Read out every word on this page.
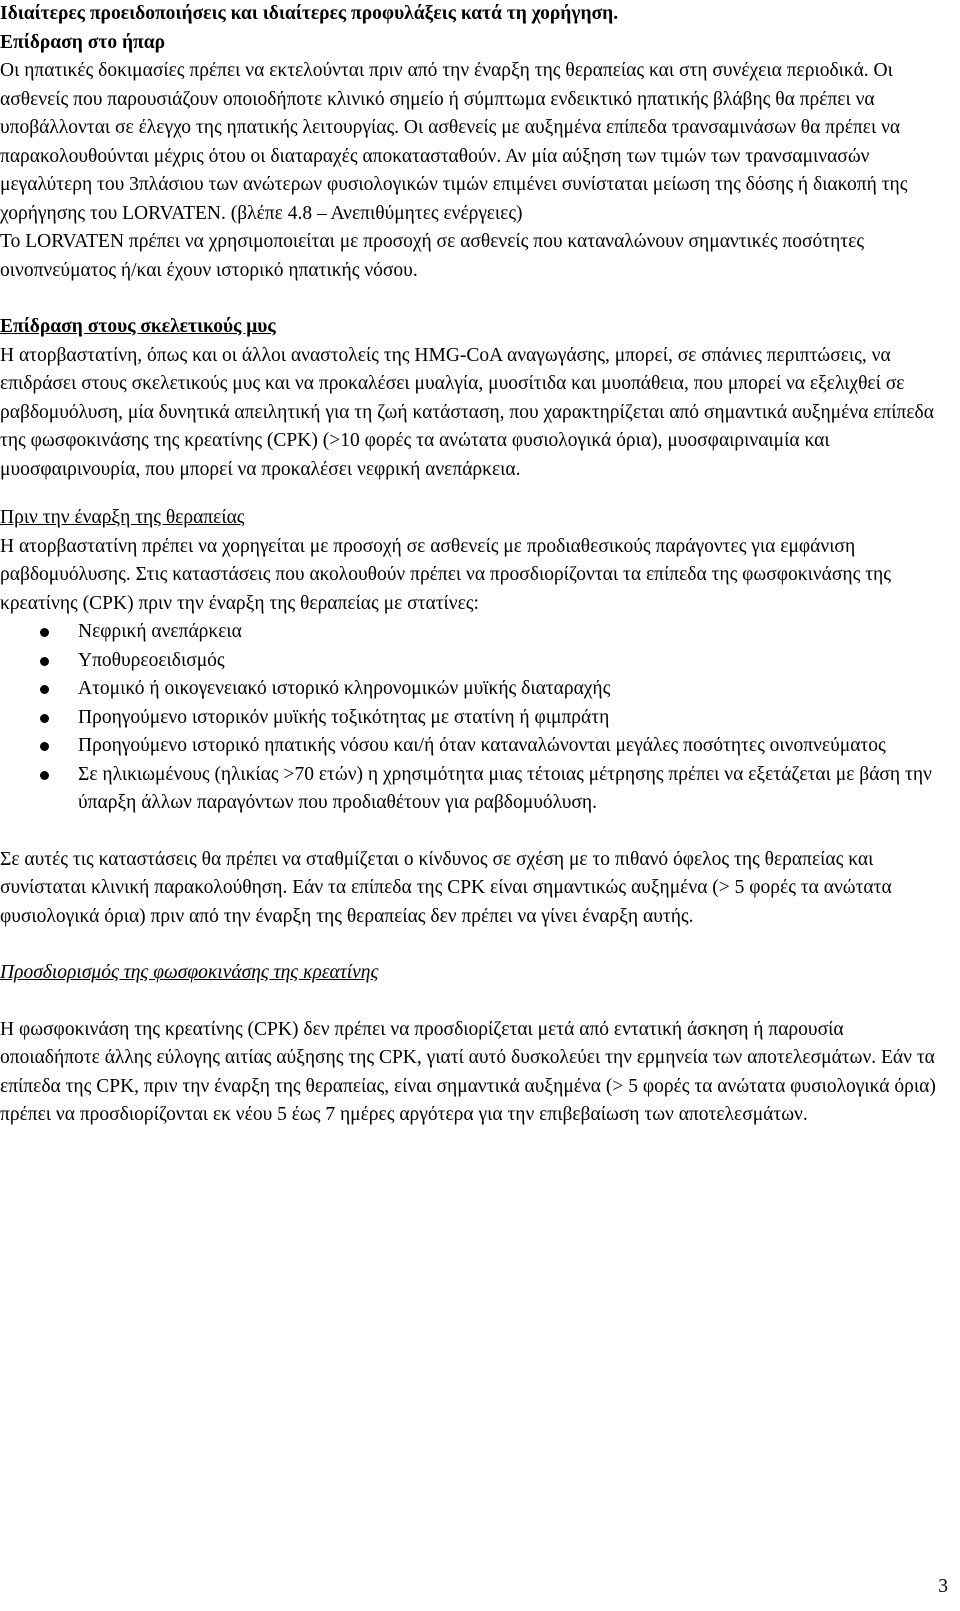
Ιδιαίτερες προειδοποιήσεις και ιδιαίτερες προφυλάξεις κατά τη χορήγηση.

Επίδραση στο ήπαρ

Οι ηπατικές δοκιμασίες πρέπει να εκτελούνται πριν από την έναρξη της θεραπείας και στη συνέχεια περιοδικά. Οι ασθενείς που παρουσιάζουν οποιοδήποτε κλινικό σημείο ή σύμπτωμα ενδεικτικό ηπατικής βλάβης θα πρέπει να υποβάλλονται σε έλεγχο της ηπατικής λειτουργίας. Οι ασθενείς με αυξημένα επίπεδα τρανσαμινάσων θα πρέπει να παρακολουθούνται μέχρις ότου οι διαταραχές αποκατασταθούν. Αν μία αύξηση των τιμών των τρανσαμινασών μεγαλύτερη του 3πλάσιου των ανώτερων φυσιολογικών τιμών επιμένει συνίσταται μείωση της δόσης ή διακοπή της χορήγησης του LORVATEN. (βλέπε 4.8 – Ανεπιθύμητες ενέργειες)

Το LORVATEN πρέπει να χρησιμοποιείται με προσοχή σε ασθενείς που καταναλώνουν σημαντικές ποσότητες οινοπνεύματος ή/και έχουν ιστορικό ηπατικής νόσου.

Επίδραση στους σκελετικούς μυς

Η ατορβαστατίνη, όπως και οι άλλοι αναστολείς της HMG-CoA αναγωγάσης, μπορεί, σε σπάνιες περιπτώσεις, να επιδράσει στους σκελετικούς μυς και να προκαλέσει μυαλγία, μυοσίτιδα και μυοπάθεια, που μπορεί να εξελιχθεί σε ραβδομυόλυση, μία δυνητικά απειλητική για τη ζωή κατάσταση, που χαρακτηρίζεται από σημαντικά αυξημένα επίπεδα της φωσφοκινάσης της κρεατίνης (CPK) (>10 φορές τα ανώτατα φυσιολογικά όρια), μυοσφαιριναιμία και μυοσφαιρινουρία, που μπορεί να προκαλέσει νεφρική ανεπάρκεια.

Πριν την έναρξη της θεραπείας

Η ατορβαστατίνη πρέπει να χορηγείται με προσοχή σε ασθενείς με προδιαθεσικούς παράγοντες για εμφάνιση ραβδομυόλυσης. Στις καταστάσεις που ακολουθούν πρέπει να προσδιορίζονται τα επίπεδα της φωσφοκινάσης της κρεατίνης (CPK) πριν την έναρξη της θεραπείας με στατίνες:

Νεφρική ανεπάρκεια
Υποθυρεοειδισμός
Ατομικό ή οικογενειακό ιστορικό κληρονομικών μυϊκής διαταραχής
Προηγούμενο ιστορικόν μυϊκής τοξικότητας με στατίνη ή φιμπράτη
Προηγούμενο ιστορικό ηπατικής νόσου και/ή όταν καταναλώνονται μεγάλες ποσότητες οινοπνεύματος
Σε ηλικιωμένους (ηλικίας >70 ετών) η χρησιμότητα μιας τέτοιας μέτρησης πρέπει να εξετάζεται με βάση την ύπαρξη άλλων παραγόντων που προδιαθέτουν για ραβδομυόλυση.

Σε αυτές τις καταστάσεις θα πρέπει να σταθμίζεται ο κίνδυνος σε σχέση με το πιθανό όφελος της θεραπείας και συνίσταται κλινική παρακολούθηση. Εάν τα επίπεδα της CPK είναι σημαντικώς αυξημένα (> 5 φορές τα ανώτατα φυσιολογικά όρια) πριν από την έναρξη της θεραπείας δεν πρέπει να γίνει έναρξη αυτής.

Προσδιορισμός της φωσφοκινάσης της κρεατίνης

Η φωσφοκινάση της κρεατίνης (CPK) δεν πρέπει να προσδιορίζεται μετά από εντατική άσκηση ή παρουσία οποιαδήποτε άλλης εύλογης αιτίας αύξησης της CPK, γιατί αυτό δυσκολεύει την ερμηνεία των αποτελεσμάτων. Εάν τα επίπεδα της CPK, πριν την έναρξη της θεραπείας, είναι σημαντικά αυξημένα (> 5 φορές τα ανώτατα φυσιολογικά όρια) πρέπει να προσδιορίζονται εκ νέου 5 έως 7 ημέρες αργότερα για την επιβεβαίωση των αποτελεσμάτων.

3
